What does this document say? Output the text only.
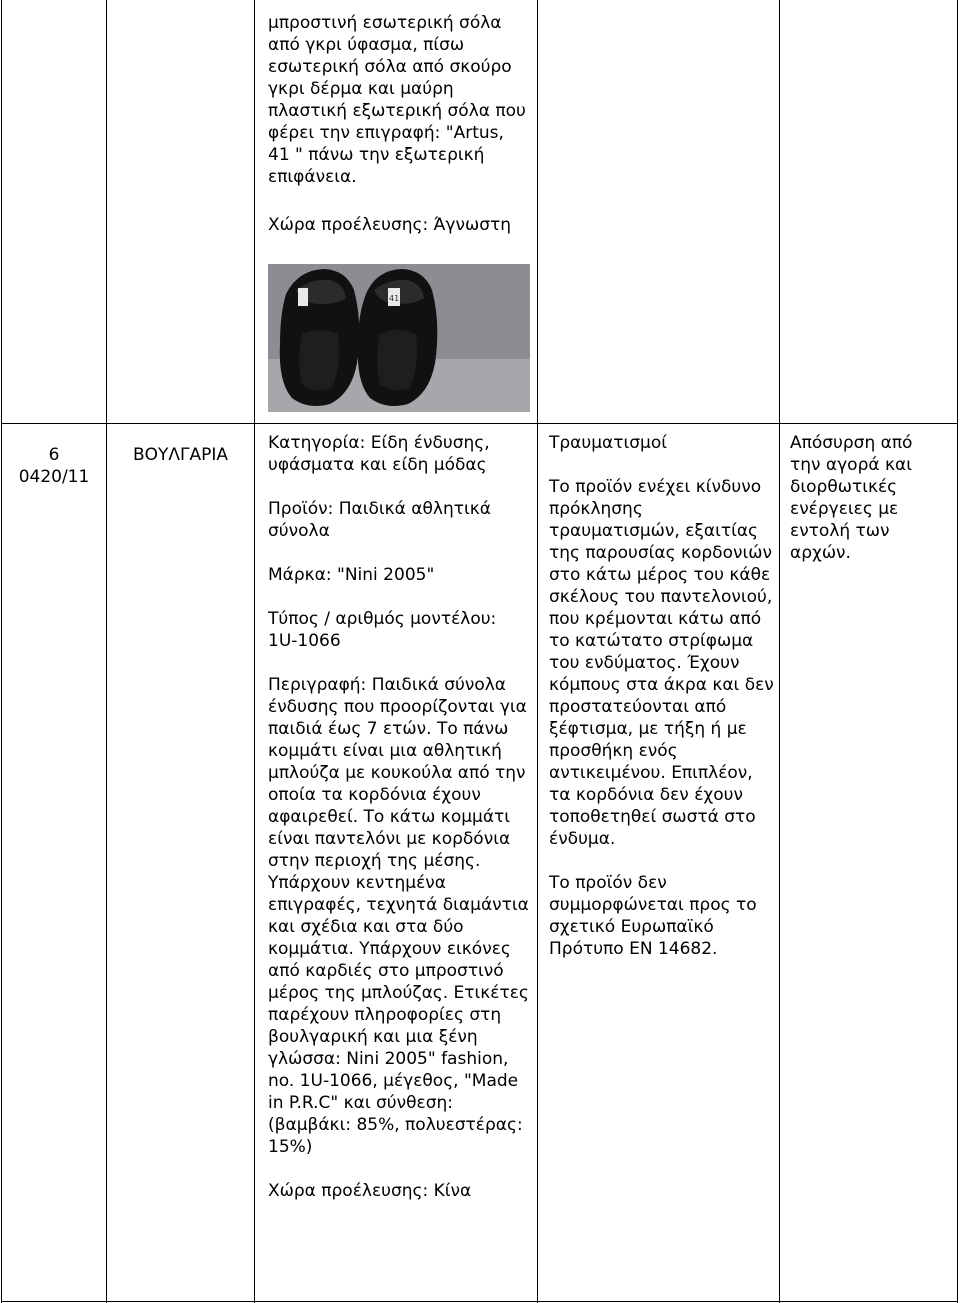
μπροστινή εσωτερική σόλα από γκρι ύφασμα, πίσω εσωτερική σόλα από σκούρο γκρι δέρμα και μαύρη πλαστική εξωτερική σόλα που φέρει την επιγραφή: "Artus, 41 " πάνω την εξωτερική επιφάνεια.

Χώρα προέλευσης: Άγνωστη

41

6

0420/11

ΒΟΥΛΓΑΡΙΑ

Κατηγορία: Είδη ένδυσης, υφάσματα και είδη μόδας

Προϊόν: Παιδικά αθλητικά σύνολα

Μάρκα: "Nini 2005"

Τύπος / αριθμός μοντέλου: 1U-1066

Περιγραφή: Παιδικά σύνολα ένδυσης που προορίζονται για παιδιά έως 7 ετών. Το πάνω κομμάτι είναι μια αθλητική μπλούζα με κουκούλα από την οποία τα κορδόνια έχουν αφαιρεθεί. Το κάτω κομμάτι είναι παντελόνι με κορδόνια στην περιοχή της μέσης. Υπάρχουν κεντημένα επιγραφές, τεχνητά διαμάντια και σχέδια και στα δύο κομμάτια. Υπάρχουν εικόνες από καρδιές στο μπροστινό μέρος της μπλούζας. Ετικέτες παρέχουν πληροφορίες στη βουλγαρική και μια ξένη γλώσσα: Nini 2005" fashion, no. 1U-1066, μέγεθος, "Made in P.R.C" και σύνθεση: (βαμβάκι: 85%, πολυεστέρας: 15%)

Χώρα προέλευσης: Κίνα

Τραυματισμοί

Το προϊόν ενέχει κίνδυνο πρόκλησης τραυματισμών, εξαιτίας της παρουσίας κορδονιών στο κάτω μέρος του κάθε σκέλους του παντελονιού, που κρέμονται κάτω από το κατώτατο στρίφωμα του ενδύματος. Έχουν κόμπους στα άκρα και δεν προστατεύονται από ξέφτισμα, με τήξη ή με προσθήκη ενός αντικειμένου. Επιπλέον, τα κορδόνια δεν έχουν τοποθετηθεί σωστά στο ένδυμα.

Το προϊόν δεν συμμορφώνεται προς το σχετικό Ευρωπαϊκό Πρότυπο EN 14682.

Απόσυρση από την αγορά και διορθωτικές ενέργειες με εντολή των αρχών.
